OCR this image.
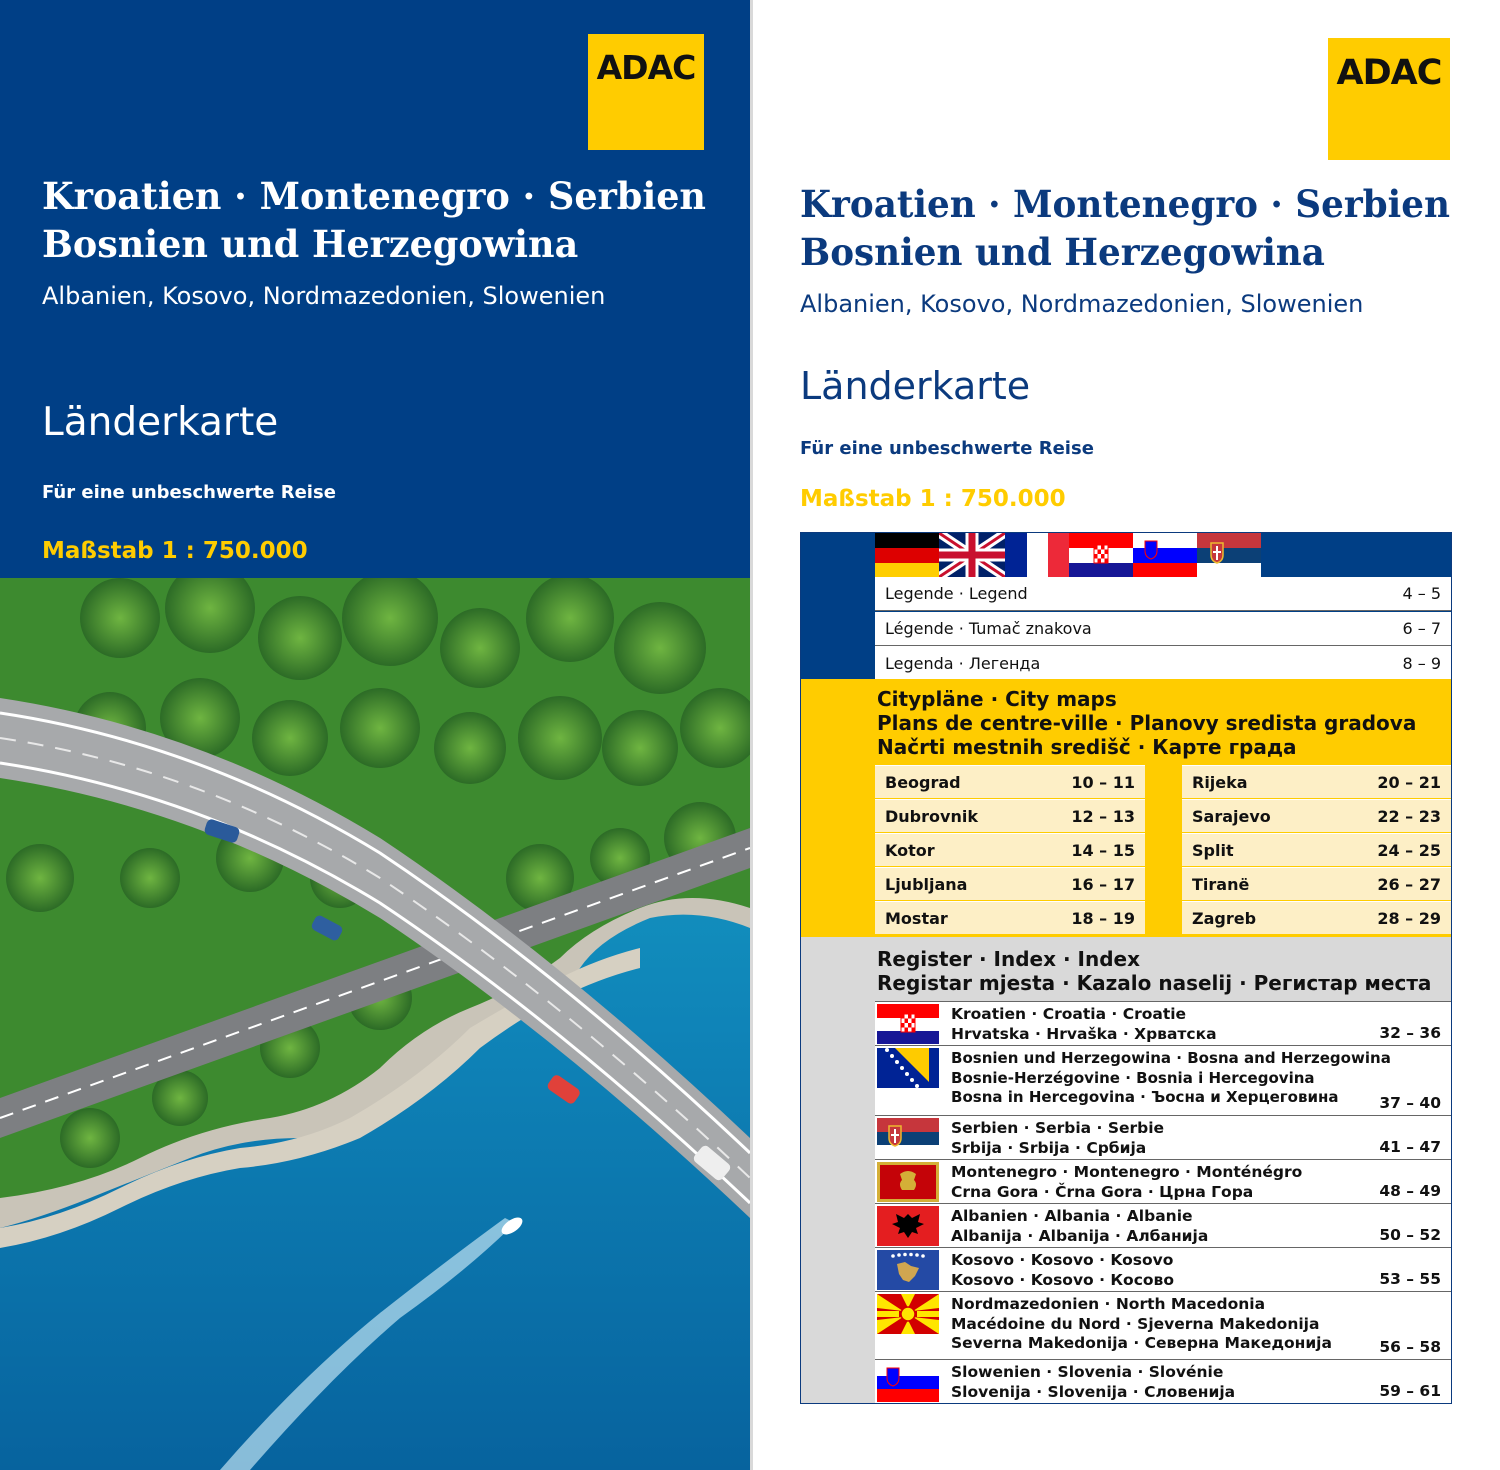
ADAC
Kroatien · Montenegro · Serbien
Bosnien und Herzegowina
Albanien, Kosovo, Nordmazedonien, Slowenien
Länderkarte
Für eine unbeschwerte Reise
Maßstab 1 : 750.000
ADAC
Kroatien · Montenegro · Serbien
Bosnien und Herzegowina
Albanien, Kosovo, Nordmazedonien, Slowenien
Länderkarte
Für eine unbeschwerte Reise
Maßstab 1 : 750.000
Legende · Legend	4 – 5
Légende · Tumač znakova	6 – 7
Legenda · Легенда	8 – 9
Citypläne · City maps
Plans de centre-ville · Planovy sredista gradova
Načrti mestnih središč · Карте града
Beograd	10 – 11
Dubrovnik	12 – 13
Kotor	14 – 15
Ljubljana	16 – 17
Mostar	18 – 19
Rijeka	20 – 21
Sarajevo	22 – 23
Split	24 – 25
Tiranë	26 – 27
Zagreb	28 – 29
Register · Index · Index
Registar mjesta · Kazalo naselij · Регистар места
Kroatien · Croatia · Croatie
Hrvatska · Hrvaška · Хрватска	32 – 36
Bosnien und Herzegowina · Bosna and Herzegowina
Bosnie-Herzégovine · Bosnia i Hercegovina
Bosna in Hercegovina · Ъосна и Херцеговина	37 – 40
Serbien · Serbia · Serbie
Srbija · Srbija · Србија	41 – 47
Montenegro · Montenegro · Monténégro
Crna Gora · Črna Gora · Црна Гора	48 – 49
Albanien · Albania · Albanie
Albanija · Albanija · Албанија	50 – 52
Kosovo · Kosovo · Kosovo
Kosovo · Kosovo · Косово	53 – 55
Nordmazedonien · North Macedonia
Macédoine du Nord · Sjeverna Makedonija
Severna Makedonija · Северна Македонија	56 – 58
Slowenien · Slovenia · Slovénie
Slovenija · Slovenija · Словенија	59 – 61
